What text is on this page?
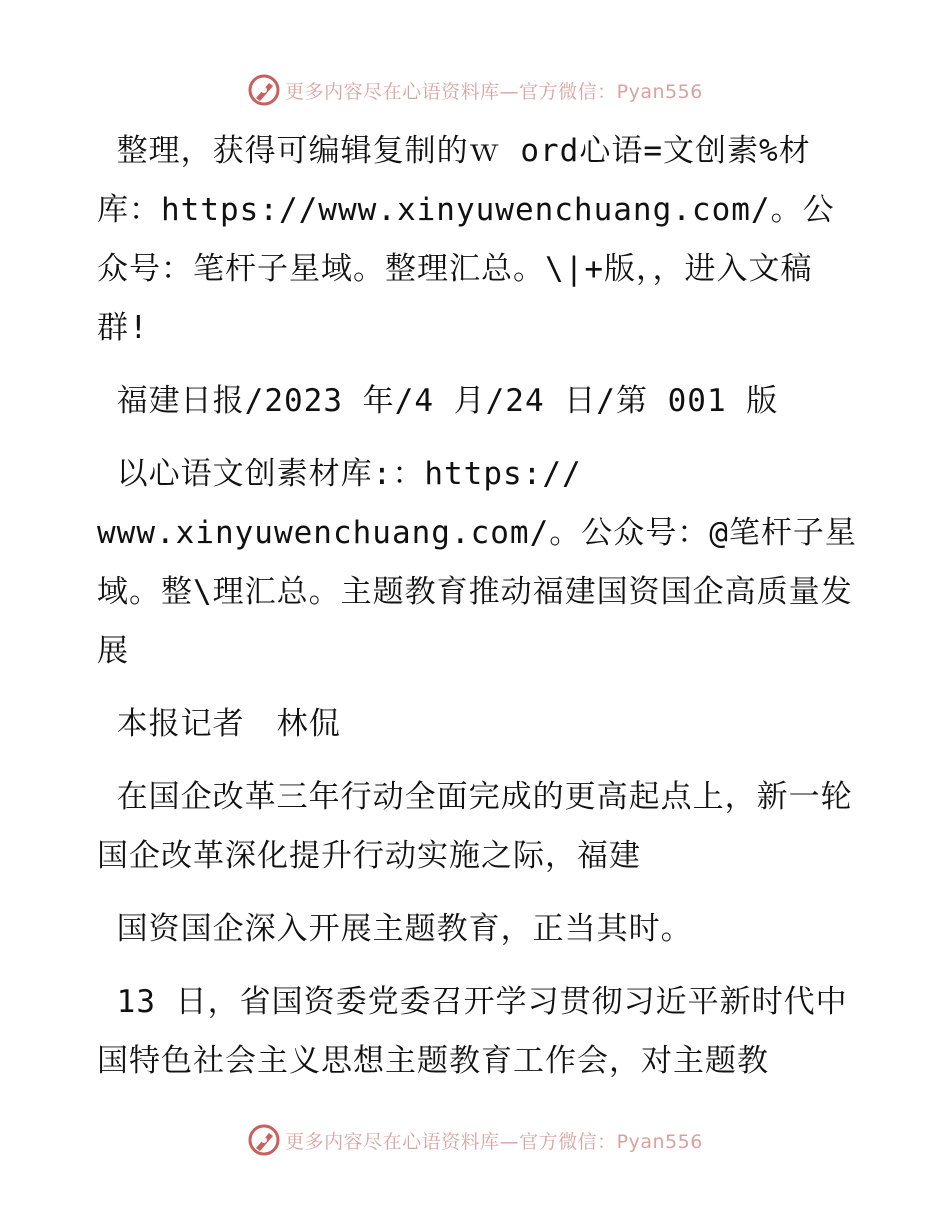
更多内容尽在心语资料库—官方微信：Pyan556

整理，获得可编辑复制的ｗ ord心语=文创素%材库：https://www.xinyuwenchuang.com/。公众号：笔杆子星域。整理汇总。\|+版，，进入文稿群!

福建日报/2023 年/4 月/24 日/第 001 版

以心语文创素材库:：https://

www.xinyuwenchuang.com/。公众号：@笔杆子星域。整\理汇总。主题教育推动福建国资国企高质量发展

本报记者　林侃

在国企改革三年行动全面完成的更高起点上，新一轮国企改革深化提升行动实施之际，福建

国资国企深入开展主题教育，正当其时。

13 日，省国资委党委召开学习贯彻习近平新时代中国特色社会主义思想主题教育工作会，对主题教

更多内容尽在心语资料库—官方微信：Pyan556
